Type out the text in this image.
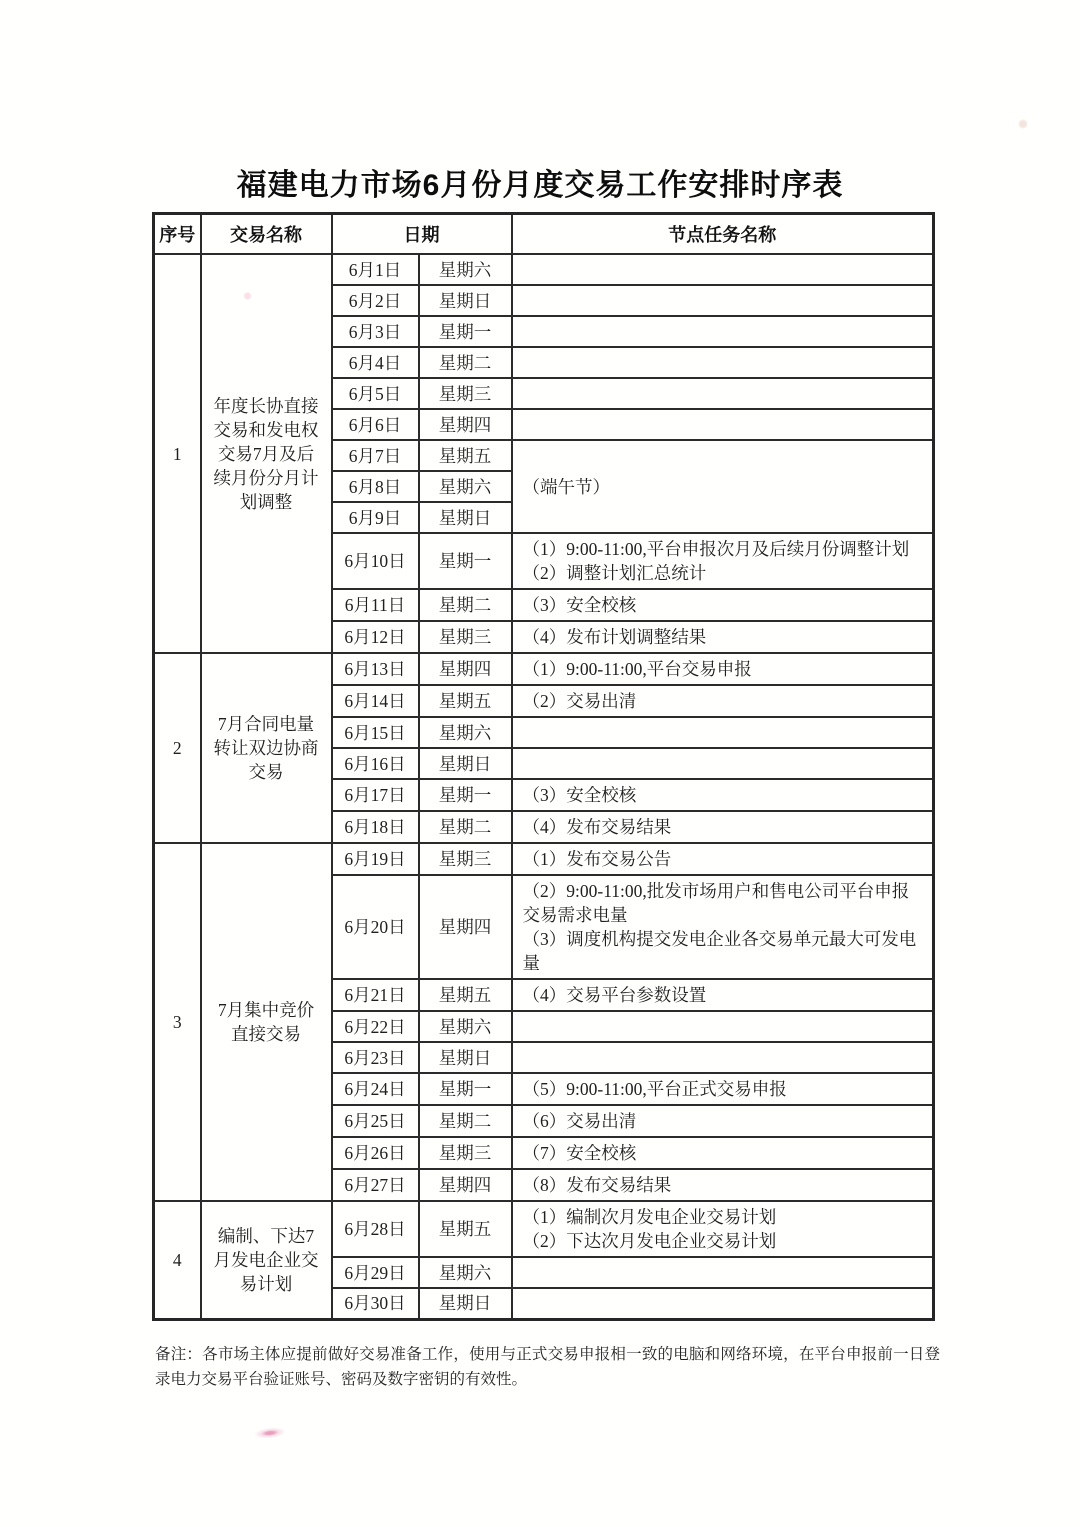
福建电力市场6月份月度交易工作安排时序表
序号	交易名称	日期		节点任务名称
1	年度长协直接交易和发电权交易7月及后续月份分月计划调整	6月1日	星期六	
		6月2日	星期日	
		6月3日	星期一	
		6月4日	星期二	
		6月5日	星期三	
		6月6日	星期四	
		6月7日	星期五	（端午节）

		6月8日	星期六	
		6月9日	星期日	
		6月10日	星期一	（1）9:00-11:00,平台申报次月及后续月份调整计划
（2）调整计划汇总统计

		6月11日	星期二	（3）安全校核

		6月12日	星期三	（4）发布计划调整结果

2	7月合同电量转让双边协商交易	6月13日	星期四	（1）9:00-11:00,平台交易申报

		6月14日	星期五	（2）交易出清

		6月15日	星期六	
		6月16日	星期日	
		6月17日	星期一	（3）安全校核

		6月18日	星期二	（4）发布交易结果

3	7月集中竞价直接交易	6月19日	星期三	（1）发布交易公告

		6月20日	星期四	（2）9:00-11:00,批发市场用户和售电公司平台申报交易需求电量
（3）调度机构提交发电企业各交易单元最大可发电量

		6月21日	星期五	（4）交易平台参数设置

		6月22日	星期六	
		6月23日	星期日	
		6月24日	星期一	（5）9:00-11:00,平台正式交易申报

		6月25日	星期二	（6）交易出清

		6月26日	星期三	（7）安全校核

		6月27日	星期四	（8）发布交易结果

4	编制、下达7月发电企业交易计划	6月28日	星期五	（1）编制次月发电企业交易计划
（2）下达次月发电企业交易计划

		6月29日	星期六	
		6月30日	星期日	
备注：各市场主体应提前做好交易准备工作，使用与正式交易申报相一致的电脑和网络环境，在平台申报前一日登录电力交易平台验证账号、密码及数字密钥的有效性。
